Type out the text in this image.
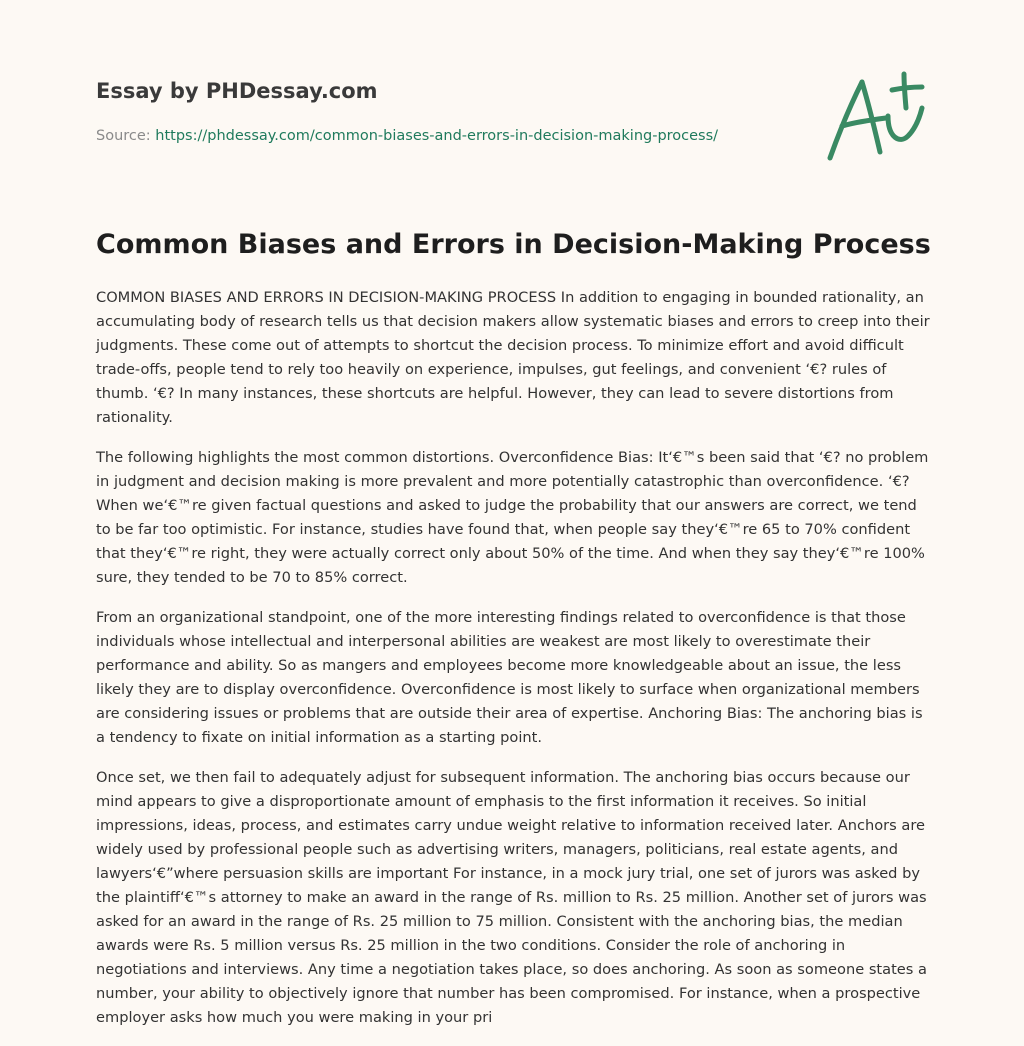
Essay by PHDessay.com
Source: https://phdessay.com/common-biases-and-errors-in-decision-making-process/
Common Biases and Errors in Decision-Making Process

COMMON BIASES AND ERRORS IN DECISION-MAKING PROCESS In addition to engaging in bounded rationality, an accumulating body of research tells us that decision makers allow systematic biases and errors to creep into their judgments. These come out of attempts to shortcut the decision process. To minimize effort and avoid difficult trade-offs, people tend to rely too heavily on experience, impulses, gut feelings, and convenient ‘€? rules of thumb. ‘€? In many instances, these shortcuts are helpful. However, they can lead to severe distortions from rationality.

The following highlights the most common distortions. Overconfidence Bias: It‘€™s been said that ‘€? no problem in judgment and decision making is more prevalent and more potentially catastrophic than overconfidence. ‘€? When we‘€™re given factual questions and asked to judge the probability that our answers are correct, we tend to be far too optimistic. For instance, studies have found that, when people say they‘€™re 65 to 70% confident that they‘€™re right, they were actually correct only about 50% of the time. And when they say they‘€™re 100% sure, they tended to be 70 to 85% correct.

From an organizational standpoint, one of the more interesting findings related to overconfidence is that those individuals whose intellectual and interpersonal abilities are weakest are most likely to overestimate their performance and ability. So as mangers and employees become more knowledgeable about an issue, the less likely they are to display overconfidence. Overconfidence is most likely to surface when organizational members are considering issues or problems that are outside their area of expertise. Anchoring Bias: The anchoring bias is a tendency to fixate on initial information as a starting point.

Once set, we then fail to adequately adjust for subsequent information. The anchoring bias occurs because our mind appears to give a disproportionate amount of emphasis to the first information it receives. So initial impressions, ideas, process, and estimates carry undue weight relative to information received later. Anchors are widely used by professional people such as advertising writers, managers, politicians, real estate agents, and lawyers‘€”where persuasion skills are important For instance, in a mock jury trial, one set of jurors was asked by the plaintiff‘€™s attorney to make an award in the range of Rs. million to Rs. 25 million. Another set of jurors was asked for an award in the range of Rs. 25 million to 75 million. Consistent with the anchoring bias, the median awards were Rs. 5 million versus Rs. 25 million in the two conditions. Consider the role of anchoring in negotiations and interviews. Any time a negotiation takes place, so does anchoring. As soon as someone states a number, your ability to objectively ignore that number has been compromised. For instance, when a prospective employer asks how much you were making in your pri
